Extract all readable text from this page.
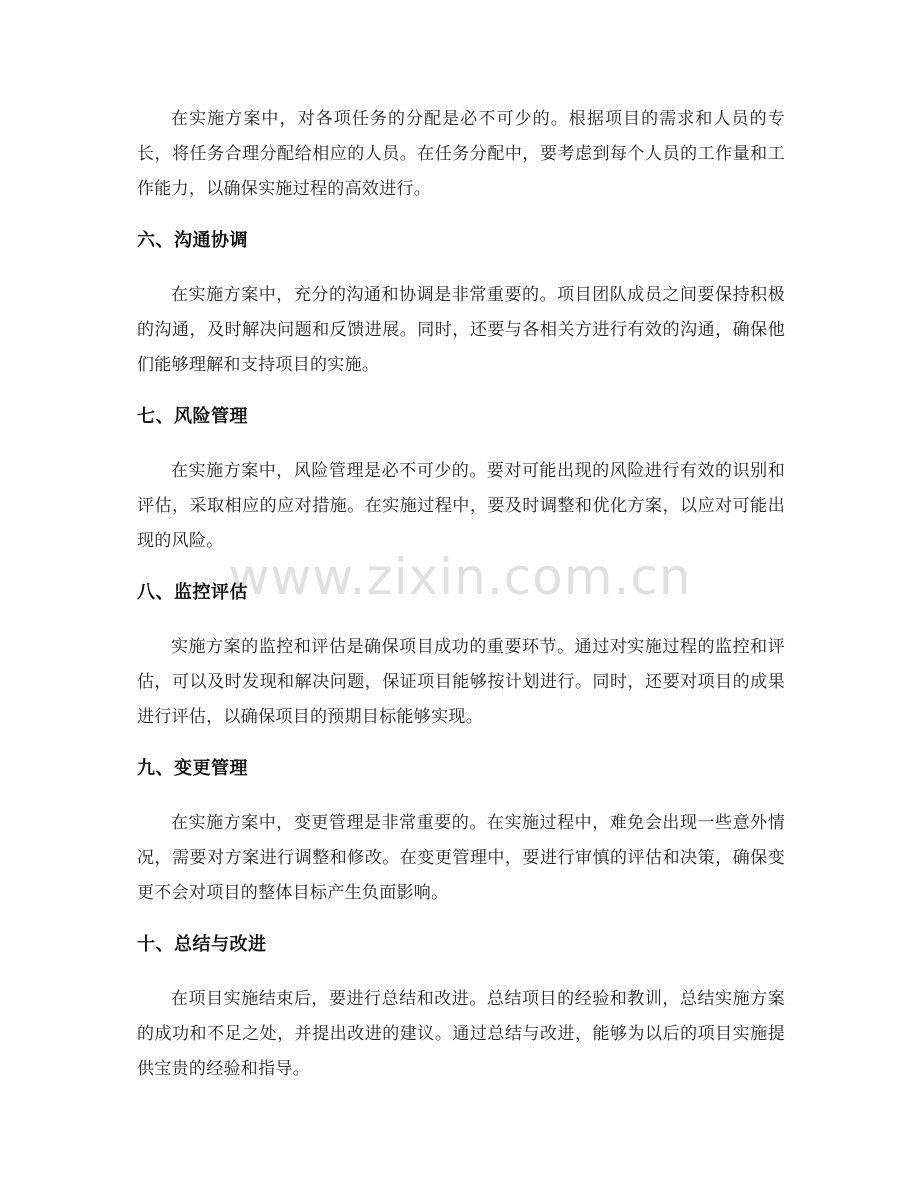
在实施方案中，对各项任务的分配是必不可少的。根据项目的需求和人员的专长，将任务合理分配给相应的人员。在任务分配中，要考虑到每个人员的工作量和工作能力，以确保实施过程的高效进行。

六、沟通协调

在实施方案中，充分的沟通和协调是非常重要的。项目团队成员之间要保持积极的沟通，及时解决问题和反馈进展。同时，还要与各相关方进行有效的沟通，确保他们能够理解和支持项目的实施。

七、风险管理

在实施方案中，风险管理是必不可少的。要对可能出现的风险进行有效的识别和评估，采取相应的应对措施。在实施过程中，要及时调整和优化方案，以应对可能出现的风险。

八、监控评估

实施方案的监控和评估是确保项目成功的重要环节。通过对实施过程的监控和评估，可以及时发现和解决问题，保证项目能够按计划进行。同时，还要对项目的成果进行评估，以确保项目的预期目标能够实现。

九、变更管理

在实施方案中，变更管理是非常重要的。在实施过程中，难免会出现一些意外情况，需要对方案进行调整和修改。在变更管理中，要进行审慎的评估和决策，确保变更不会对项目的整体目标产生负面影响。

十、总结与改进

在项目实施结束后，要进行总结和改进。总结项目的经验和教训，总结实施方案的成功和不足之处，并提出改进的建议。通过总结与改进，能够为以后的项目实施提供宝贵的经验和指导。

www.zixin.com.cn
